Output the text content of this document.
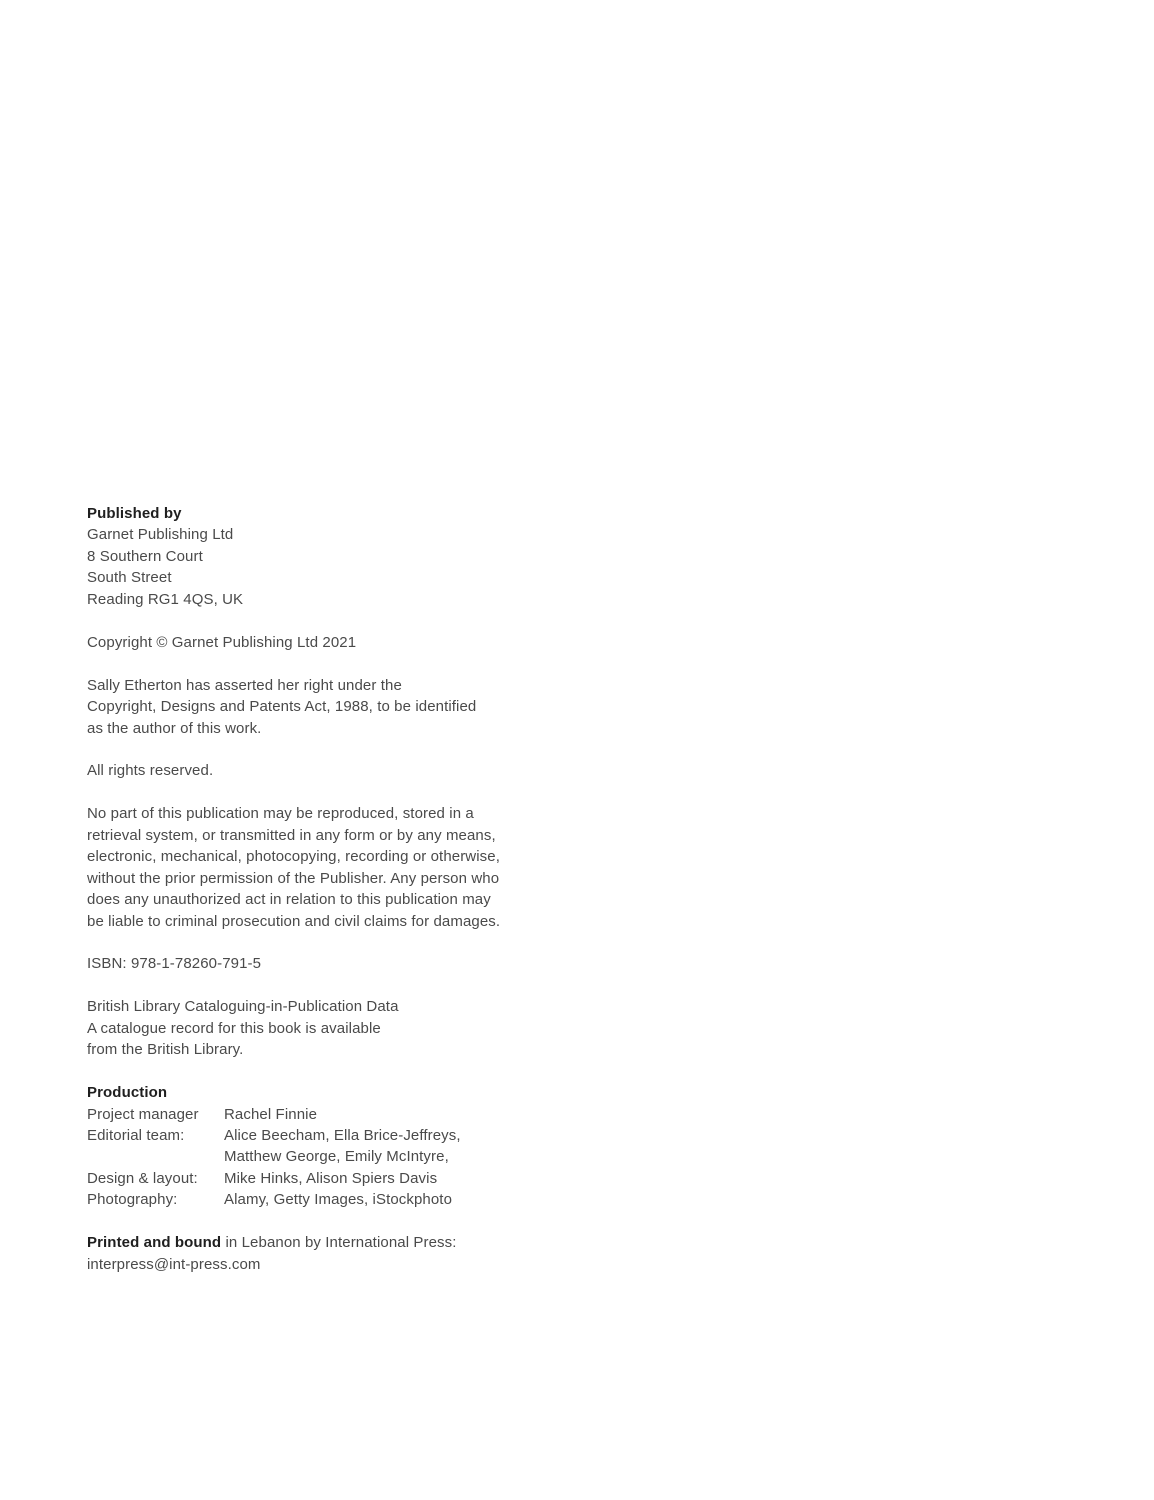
Published by
Garnet Publishing Ltd
8 Southern Court
South Street
Reading RG1 4QS, UK
Copyright © Garnet Publishing Ltd 2021
Sally Etherton has asserted her right under the
Copyright, Designs and Patents Act, 1988, to be identified
as the author of this work.
All rights reserved.
No part of this publication may be reproduced, stored in a
retrieval system, or transmitted in any form or by any means,
electronic, mechanical, photocopying, recording or otherwise,
without the prior permission of the Publisher. Any person who
does any unauthorized act in relation to this publication may
be liable to criminal prosecution and civil claims for damages.
ISBN: 978-1-78260-791-5
British Library Cataloguing-in-Publication Data
A catalogue record for this book is available
from the British Library.
Production
Project manager	Rachel Finnie
Editorial team:	Alice Beecham, Ella Brice-Jeffreys,
Matthew George, Emily McIntyre,
Design & layout:	Mike Hinks, Alison Spiers Davis
Photography:	Alamy, Getty Images, iStockphoto
Printed and bound in Lebanon by International Press:
interpress@int-press.com
